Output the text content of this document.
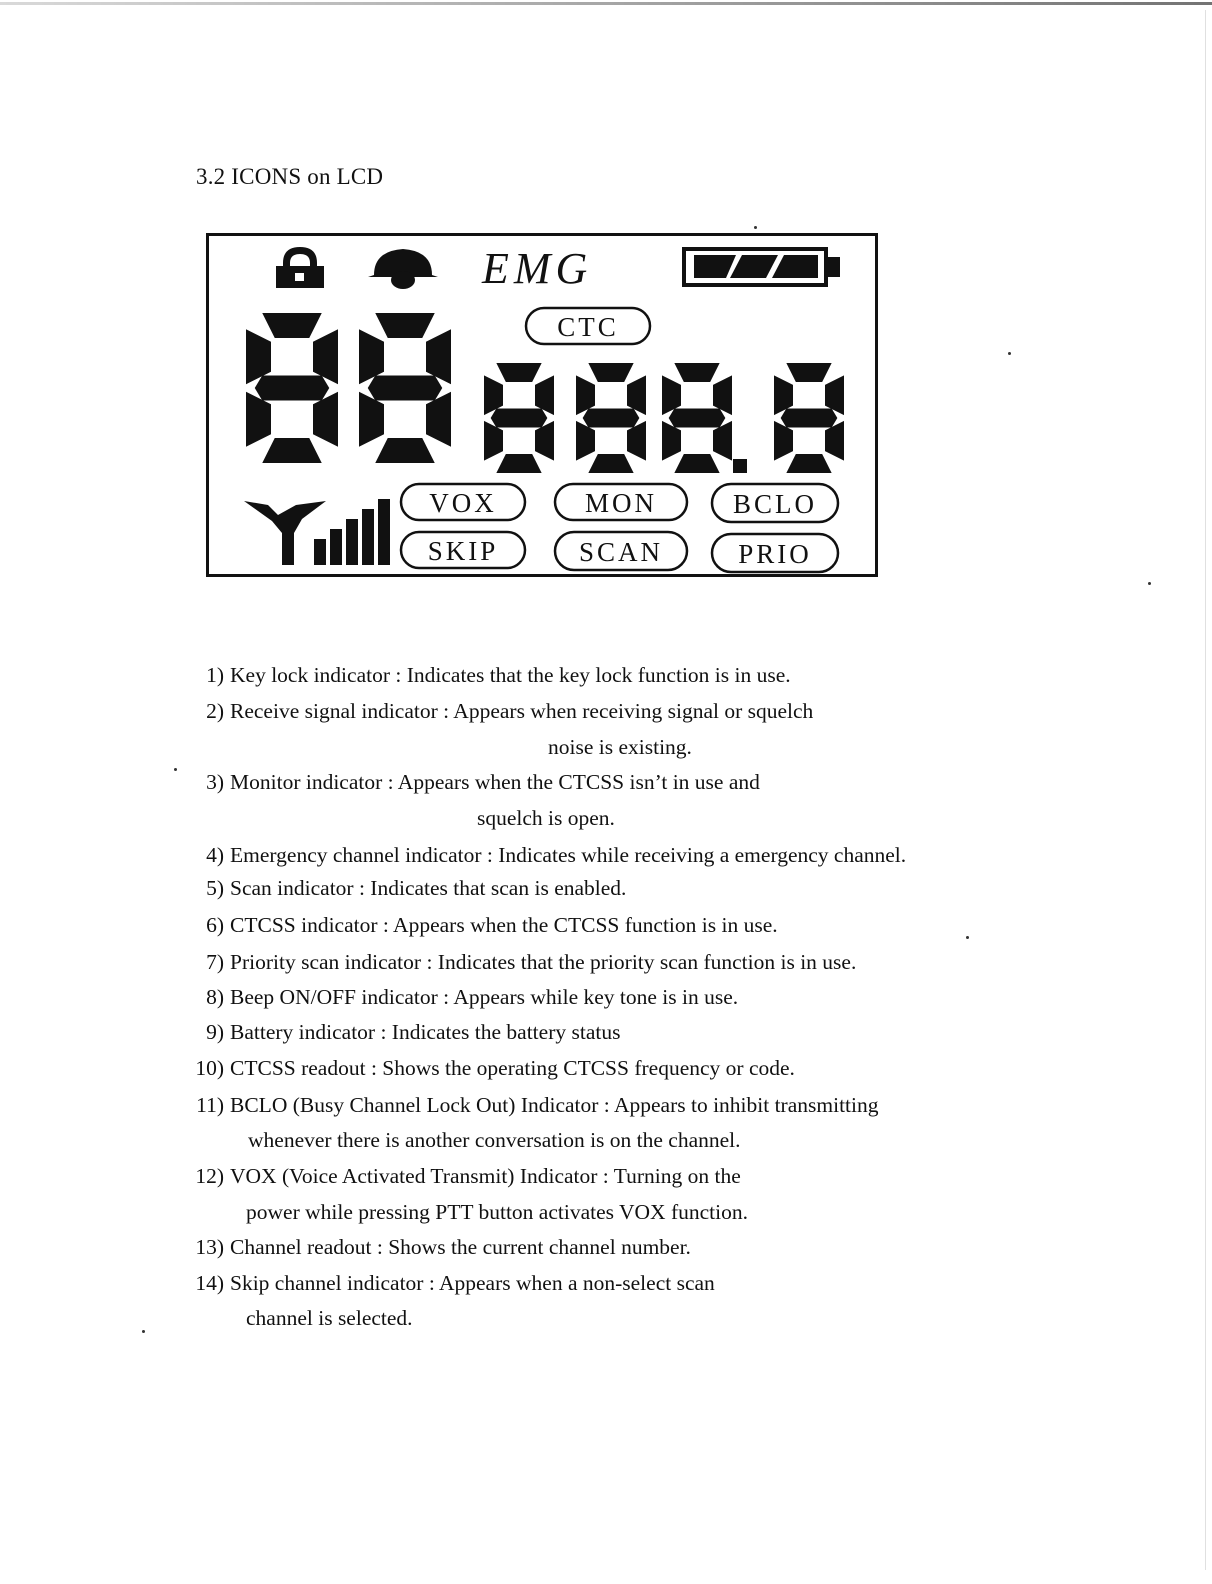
3.2 ICONS on LCD
EMG
CTC
VOX	MON	BCLO
SKIP	SCAN	PRIO
1) Key lock indicator : Indicates that the key lock function is in use.
2) Receive signal indicator : Appears when receiving signal or squelch
noise is existing.
3) Monitor indicator : Appears when the CTCSS isn’t in use and
squelch is open.
4) Emergency channel indicator : Indicates while receiving a emergency channel.
5) Scan indicator : Indicates that scan is enabled.
6) CTCSS indicator : Appears when the CTCSS function is in use.
7) Priority scan indicator : Indicates that the priority scan function is in use.
8) Beep ON/OFF indicator : Appears while key tone is in use.
9) Battery indicator : Indicates the battery status
10) CTCSS readout : Shows the operating CTCSS frequency or code.
11) BCLO (Busy Channel Lock Out) Indicator : Appears to inhibit transmitting
whenever there is another conversation is on the channel.
12) VOX (Voice Activated Transmit) Indicator : Turning on the
power while pressing PTT button activates VOX function.
13) Channel readout : Shows the current channel number.
14) Skip channel indicator : Appears when a non-select scan
channel is selected.
